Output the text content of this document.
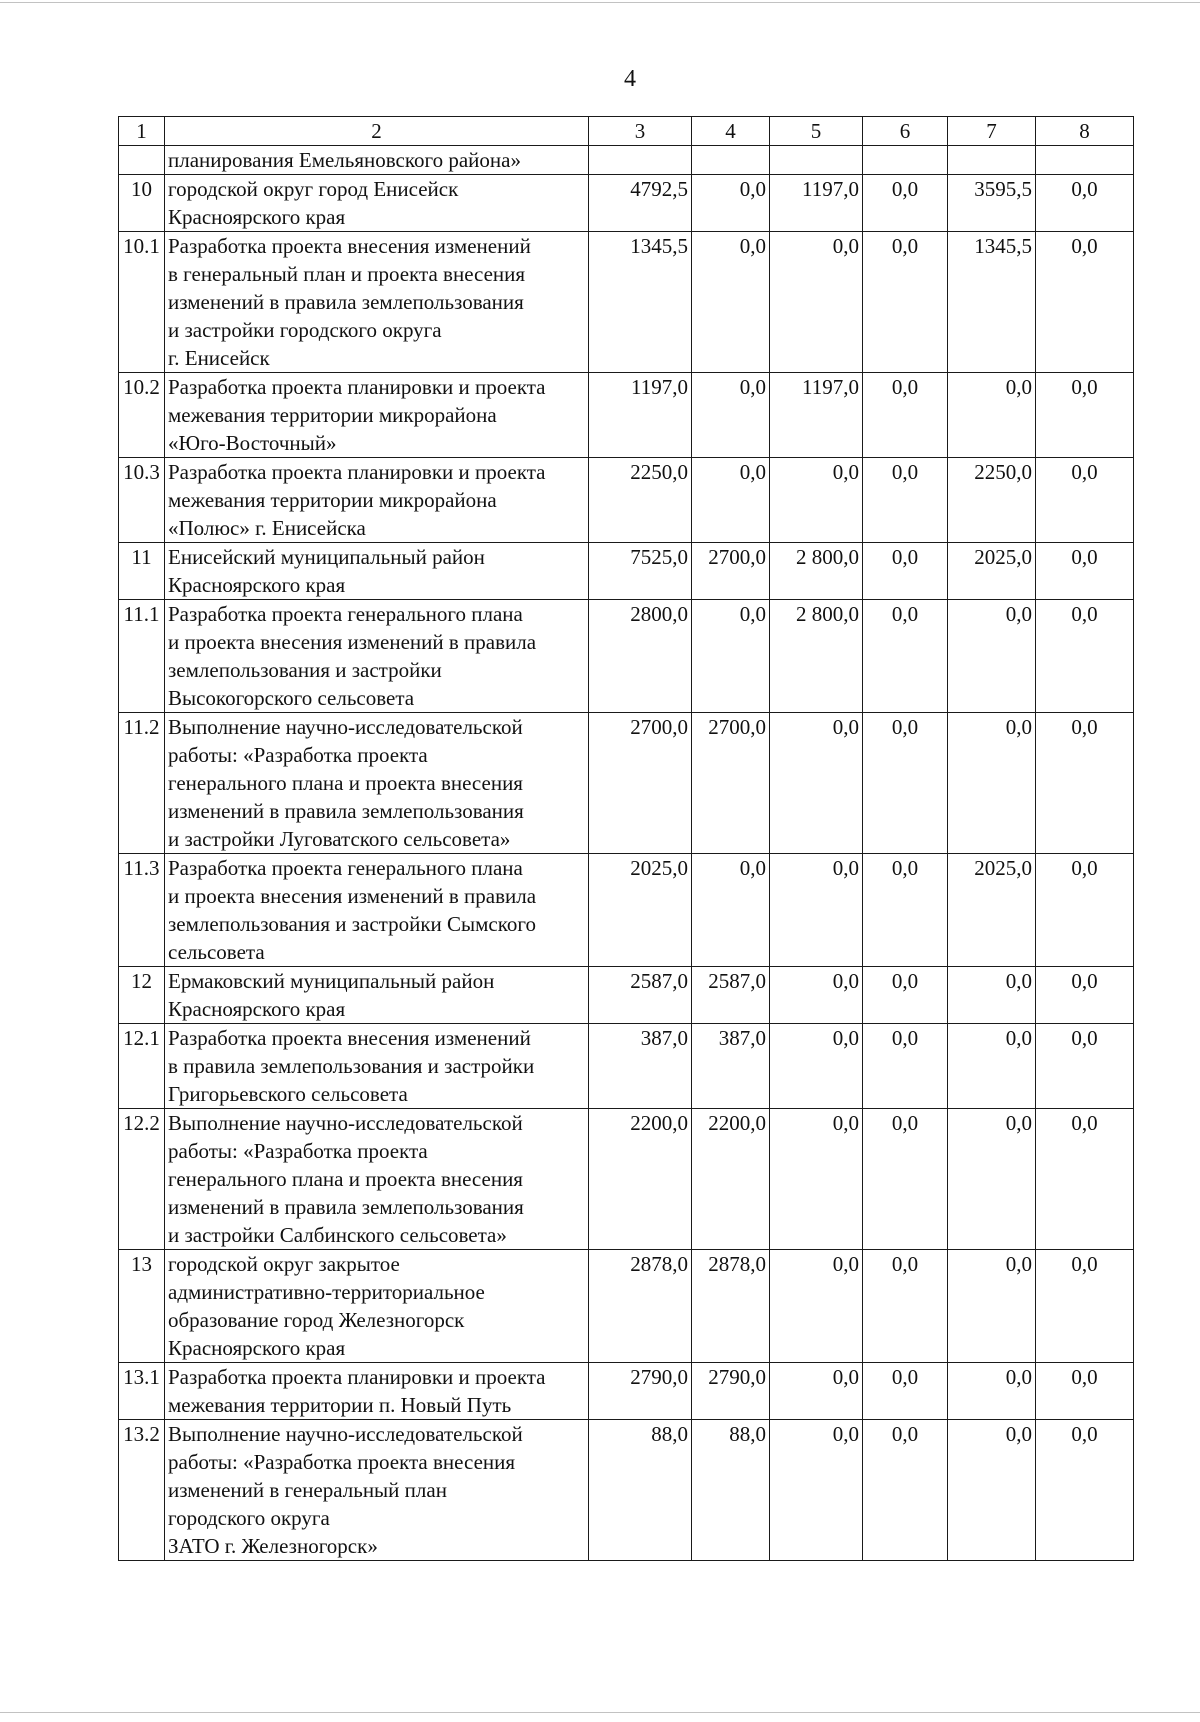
4
1	2	3	4	5	6	7	8
	планирования Емельяновского района»						
10	городской округ город Енисейск
Красноярского края	4792,5	0,0	1197,0	0,0	3595,5	0,0
10.1	Разработка проекта внесения изменений
в генеральный план и проекта внесения
изменений в правила землепользования
и застройки городского округа
г. Енисейск	1345,5	0,0	0,0	0,0	1345,5	0,0
10.2	Разработка проекта планировки и проекта
межевания территории микрорайона
«Юго-Восточный»	1197,0	0,0	1197,0	0,0	0,0	0,0
10.3	Разработка проекта планировки и проекта
межевания территории микрорайона
«Полюс» г. Енисейска	2250,0	0,0	0,0	0,0	2250,0	0,0
11	Енисейский муниципальный район
Красноярского края	7525,0	2700,0	2 800,0	0,0	2025,0	0,0
11.1	Разработка проекта генерального плана
и проекта внесения изменений в правила
землепользования и застройки
Высокогорского сельсовета	2800,0	0,0	2 800,0	0,0	0,0	0,0
11.2	Выполнение научно-исследовательской
работы: «Разработка проекта
генерального плана и проекта внесения
изменений в правила землепользования
и застройки Луговатского сельсовета»	2700,0	2700,0	0,0	0,0	0,0	0,0
11.3	Разработка проекта генерального плана
и проекта внесения изменений в правила
землепользования и застройки Сымского
сельсовета	2025,0	0,0	0,0	0,0	2025,0	0,0
12	Ермаковский муниципальный район
Красноярского края	2587,0	2587,0	0,0	0,0	0,0	0,0
12.1	Разработка проекта внесения изменений
в правила землепользования и застройки
Григорьевского сельсовета	387,0	387,0	0,0	0,0	0,0	0,0
12.2	Выполнение научно-исследовательской
работы: «Разработка проекта
генерального плана и проекта внесения
изменений в правила землепользования
и застройки Салбинского сельсовета»	2200,0	2200,0	0,0	0,0	0,0	0,0
13	городской округ закрытое
административно-территориальное
образование город Железногорск
Красноярского края	2878,0	2878,0	0,0	0,0	0,0	0,0
13.1	Разработка проекта планировки и проекта
межевания территории п. Новый Путь	2790,0	2790,0	0,0	0,0	0,0	0,0
13.2	Выполнение научно-исследовательской
работы: «Разработка проекта внесения
изменений в генеральный план
городского округа
ЗАТО г. Железногорск»	88,0	88,0	0,0	0,0	0,0	0,0
